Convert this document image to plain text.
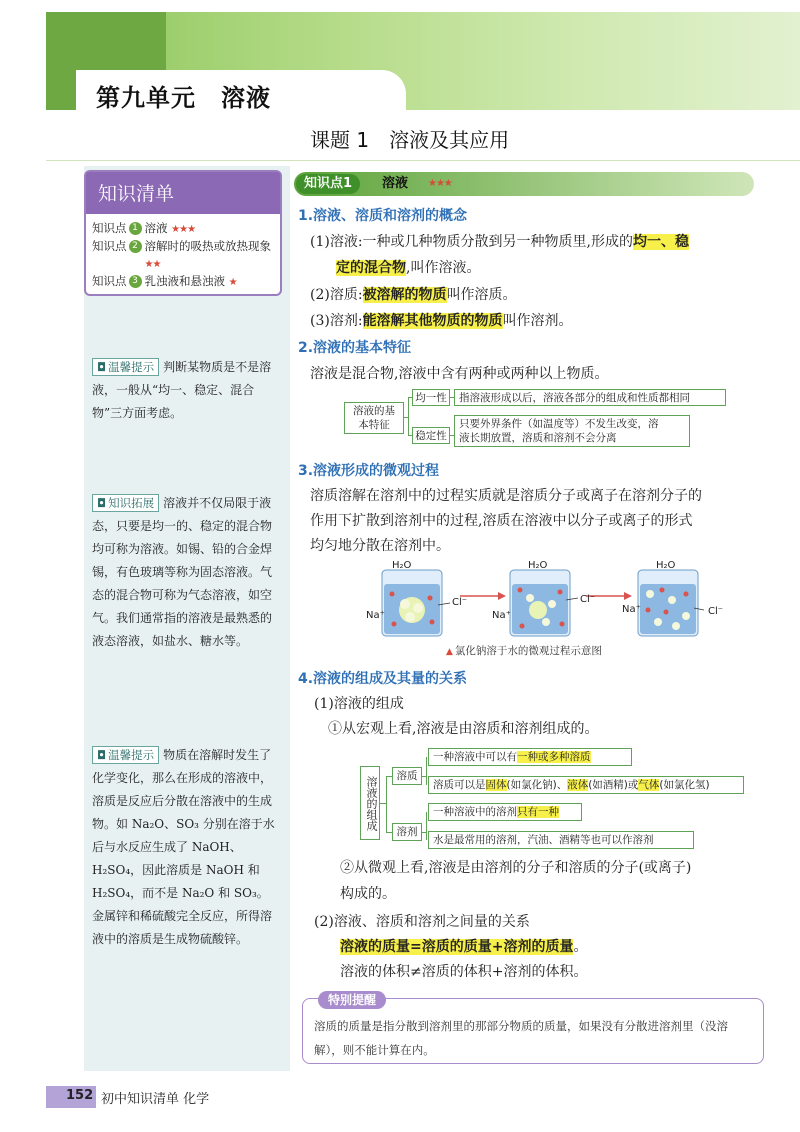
第九单元　溶液
课题 1　溶液及其应用
知识清单
知识点 1 溶液 ★★★
知识点 2 溶解时的吸热或放热现象 ★★
知识点 3 乳浊液和悬浊液 ★
◘ 温馨提示 判断某物质是不是溶液，一般从“均一、稳定、混合物”三方面考虑。
◘ 知识拓展 溶液并不仅局限于液态，只要是均一的、稳定的混合物均可称为溶液。如锡、铅的合金焊锡，有色玻璃等称为固态溶液。气态的混合物可称为气态溶液，如空气。我们通常指的溶液是最熟悉的液态溶液，如盐水、糖水等。
◘ 温馨提示 物质在溶解时发生了化学变化，那么在形成的溶液中，溶质是反应后分散在溶液中的生成物。如 Na₂O、SO₃ 分别在溶于水后与水反应生成了 NaOH、H₂SO₄，因此溶质是 NaOH 和 H₂SO₄，而不是 Na₂O 和 SO₃。金属锌和稀硫酸完全反应，所得溶液中的溶质是生成物硫酸锌。
知识点1	溶液 ★★★
1.溶液、溶质和溶剂的概念
(1)溶液:一种或几种物质分散到另一种物质里,形成的均一、稳
定的混合物,叫作溶液。
(2)溶质:被溶解的物质叫作溶质。
(3)溶剂:能溶解其他物质的物质叫作溶剂。
2.溶液的基本特征
溶液是混合物,溶液中含有两种或两种以上物质。
溶液的基本特征
均一性	指溶液形成以后，溶液各部分的组成和性质都相同
稳定性
只要外界条件（如温度等）不发生改变，溶
液长期放置，溶质和溶剂不会分离
3.溶液形成的微观过程
溶质溶解在溶剂中的过程实质就是溶质分子或离子在溶剂分子的
作用下扩散到溶剂中的过程,溶质在溶液中以分子或离子的形式
均匀地分散在溶剂中。
H₂O	H₂O	H₂O
Na⁺
Cl⁻
Na⁺
Cl⁻
Na⁺	Cl⁻
▲ 氯化钠溶于水的微观过程示意图
4.溶液的组成及其量的关系
(1)溶液的组成
①从宏观上看,溶液是由溶质和溶剂组成的。
溶液的组成	溶质
一种溶液中可以有一种或多种溶质
溶质可以是固体(如氯化钠)、液体(如酒精)或气体(如氯化氢)
溶剂
一种溶液中的溶剂只有一种
水是最常用的溶剂，汽油、酒精等也可以作溶剂
②从微观上看,溶液是由溶剂的分子和溶质的分子(或离子)
构成的。
(2)溶液、溶质和溶剂之间量的关系
溶液的质量=溶质的质量+溶剂的质量。
溶液的体积≠溶质的体积+溶剂的体积。
特别提醒
溶质的质量是指分散到溶剂里的那部分物质的质量，如果没有分散进溶剂里（没溶解），则不能计算在内。
152 初中知识清单 化学
